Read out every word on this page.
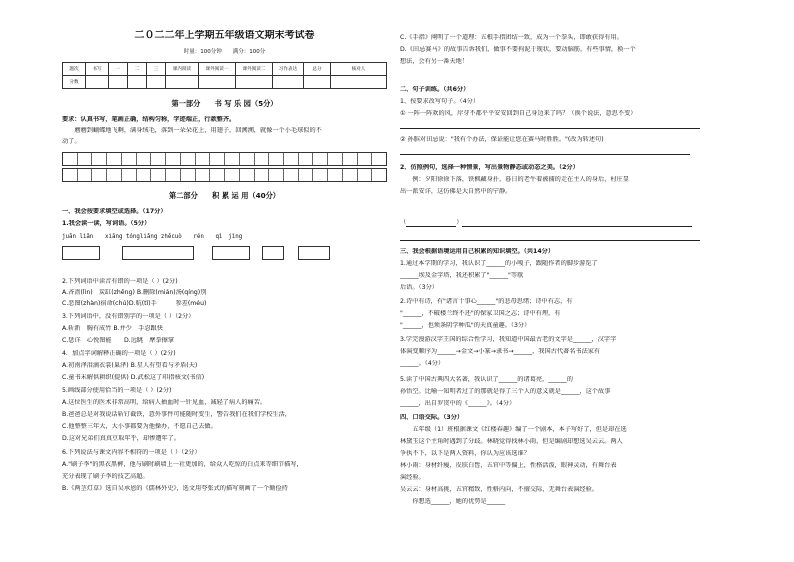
二０二二年上学期五年级语文期末考试卷
时量：100分钟　　满分：100分
题次	书写	一	二	三	课内阅读	课外阅读一	课外阅读二	习作表达	总分	核对人
分数										
第一部分　　书 写 乐 园（5分）
要求：认真书写，笔画正确，结构匀称，字迹端正，行款整齐。
　　蘑蘑到蝴蝶地飞啊，满身绒毛，落到一朵朵花上，用翅子，回溯溯，就像一个小毛球似的不
动了。
第二部分　　积 累 运 用（40分）
一、我会按要求填空或选择。（17分）
1.我会读一读，写词语。（5分）
juān liǎn　　xiāng tóngliǎng zhēcuò　　rén　　qì　jìng
2.下列词语中读音有错的一项是（ ）(2分)
A.吝啬(lìn)　炭缸(zhēng) B.删除(mián)汤(qíng)别
C.恶图(zhàn)宿命(chú)D.航(tǐ)手　　　参差(méu)
3.下列词语中，没有错别字的一项是（ ）（2分）
A.斩新　胸有成竹 B.并少　手忍跟快
C.惩详　心悦图能　　D.远眺　摩拳擦掌
4．加点字词解释正确的一项是（ ）(2分)
A.初南泽泪滴衣裳(巢泽) B.星人有望看与矛盾(天)
C.童书未解供耕织(提供) D.武松这了印指核文(书信)
5.画线部分使用恰当的一项是（ ）(2分)
A.这位医生的医术非常高明，给病人抽血时一针见血，减轻了病人的痛苦。
B.爸爸总是对我说话斩钉截铁，意外事件可能随时变生，警告我们在我们学校生活，
C.他整整三年大，大小事都要为他操办，不愿自己去做。
D.这对兄弟们真真豆取年乎，却惨遭年了。
6.下列说法与课文内容不相符的一项是（ ）（2分）
A."刷子李"的黑衣黑裤，他与刷时刷墙上一社更加的，给众人吃惊的白点来等细节描写，
充分表现了刷子李的技艺高超。
B.《两茎灯草》选自吴承恩的《儒林外史》，选文用夸张式的描写刻画了一个勤俭持
C.《手指》阐明了一个道理：五根手指团结一致，成为一个拳头，即敢获得有用。
D.《田忌赛马》的故事告诉我们，做事不要拘泥于现状，要动脑筋，有些事情，换一个
想法，会有另一番天地！
二、句子训练。（共6分）
1、按要求改写句子。（4分）
① 一阵一阵欢的风，岸芽不都平平安安回到自己身边来了吗？（换个说法，意思不变）
② 孙膑对田忌说："我有个办法，保证能让您在赛马时胜胜。"(改为转述句)
2、仿照例句，选择一种情景，写出景物静态或动态之美。（2分）
　　例：夕阳徐徐下落，铁枫藏身扑，暮日的老牛着被捕的走在主人的身后，村庄显
出一派安详，这仿佛是大自然中的宁静。
（	）
三、我会根据语境运用自己积累的知识填空。（共14分）
1.通过本学期的学习，我认识了______的小嘎子，跟随作者的脚步游览了
______埃及金字塔，我还积累了"______"等歇
后语。（3分）
2.诗中有诗，有"诸言十事心______"的悲母思绪；诗中有志，有
"______，不破楼兰终不还"的保家卫国之志；诗中有理，有
"______，也须条阴学种瓜"的天真童趣。（3分）
3.学完漫游汉字王国的综合性学习，我知道中国最古老的文字是______，汉字字
体演变顺序为______→金文→小篆→隶书→______，我国古代著名书法家有
______。（4分）
5.读了中国古典四大名著，我认识了______的诸葛亮，______的
孙悟空。比喻一知明者过了的那就是得了三个人的意义就是______，这个故事
______，出自罗贯中的《______》。（4分）
四、口语交际。（3分）
　　五年级（1）班根据课文《红楼春趣》编了一个剧本，本子写好了，但是却在选
林黛玉这个主角时遇到了分歧。林晓觉得找林小雨，但是编剧却想选吴云云。两人
争执不下，以下是两人资料，你认为应该选谁？
林小雨：身材纤瘦，皮肤白皙，五官中等偏上，性格活泼，眼神灵动，有舞台表
演经验。
吴云云：身材高挑，五官精致，性格内向，不擅交际，无舞台表演经验。
　　你想选______，她的优势是______
